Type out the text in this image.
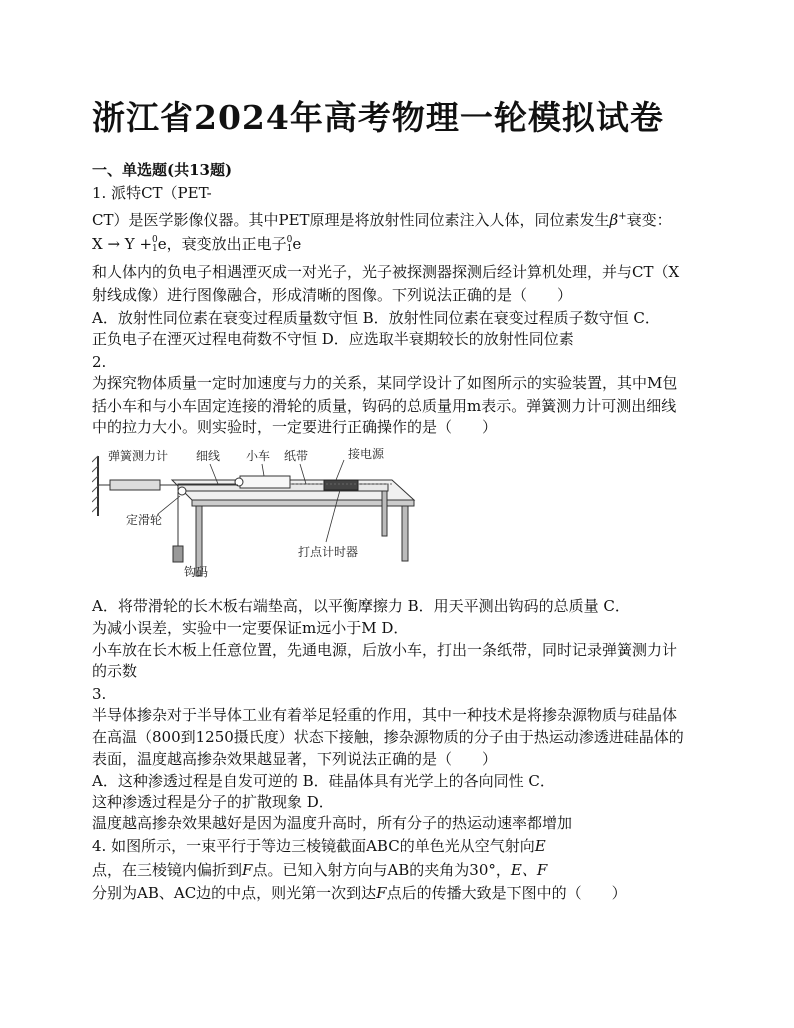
浙江省2024年高考物理一轮模拟试卷
一、单选题(共13题)
1. 派特CT（PET-
CT）是医学影像仪器。其中PET原理是将放射性同位素注入人体，同位素发生β+衰变：
X → Y +0
1e，衰变放出正电子0
1e
和人体内的负电子相遇湮灭成一对光子，光子被探测器探测后经计算机处理，并与CT（X
射线成像）进行图像融合，形成清晰的图像。下列说法正确的是（　　）
A．放射性同位素在衰变过程质量数守恒 B．放射性同位素在衰变过程质子数守恒 C．
正负电子在湮灭过程电荷数不守恒 D．应选取半衰期较长的放射性同位素
2.
为探究物体质量一定时加速度与力的关系，某同学设计了如图所示的实验装置，其中M包
括小车和与小车固定连接的滑轮的质量，钩码的总质量用m表示。弹簧测力计可测出细线
中的拉力大小。则实验时，一定要进行正确操作的是（　　）
弹簧测力计 细线 小车 纸带	接电源
定滑轮
打点计时器
钩码
A．将带滑轮的长木板右端垫高，以平衡摩擦力 B．用天平测出钩码的总质量 C．
为减小误差，实验中一定要保证m远小于M D．
小车放在长木板上任意位置，先通电源，后放小车，打出一条纸带，同时记录弹簧测力计
的示数
3.
半导体掺杂对于半导体工业有着举足轻重的作用，其中一种技术是将掺杂源物质与硅晶体
在高温（800到1250摄氏度）状态下接触，掺杂源物质的分子由于热运动渗透进硅晶体的
表面，温度越高掺杂效果越显著，下列说法正确的是（　　）
A．这种渗透过程是自发可逆的 B．硅晶体具有光学上的各向同性 C．
这种渗透过程是分子的扩散现象 D．
温度越高掺杂效果越好是因为温度升高时，所有分子的热运动速率都增加
4. 如图所示，一束平行于等边三棱镜截面ABC的单色光从空气射向E
点，在三棱镜内偏折到F点。已知入射方向与AB的夹角为30°，E、F
分别为AB、AC边的中点，则光第一次到达F点后的传播大致是下图中的（　　）
